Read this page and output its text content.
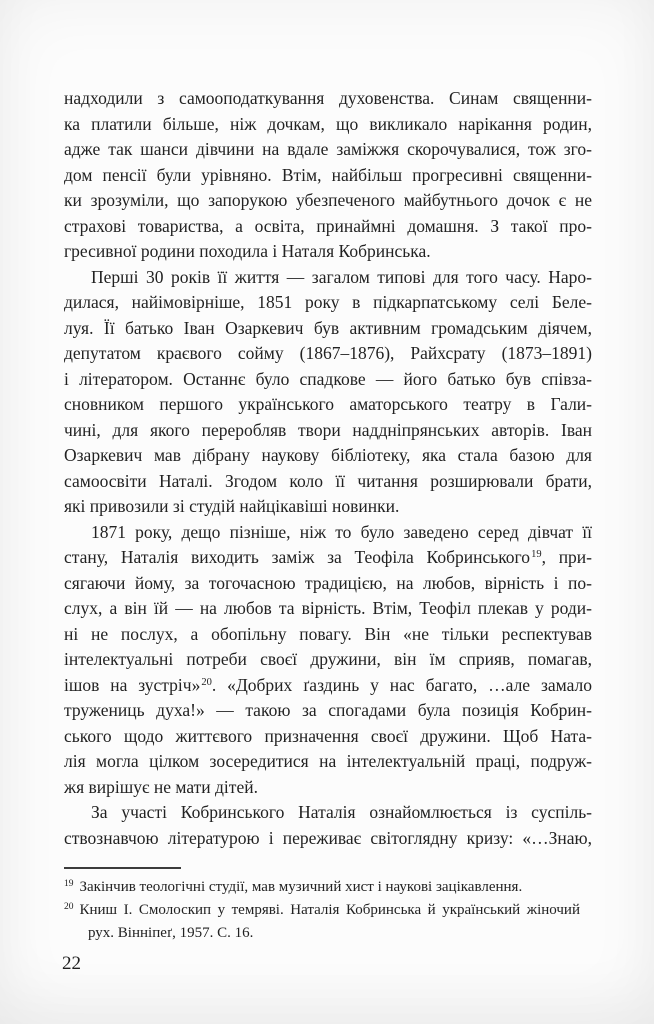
надходили з самооподаткування духовенства. Синам священни-
ка платили більше, ніж дочкам, що викликало нарікання родин,
адже так шанси дівчини на вдале заміжжя скорочувалися, тож зго-
дом пенсії були урівняно. Втім, найбільш прогресивні священни-
ки зрозуміли, що запорукою убезпеченого майбутнього дочок є не
страхові товариства, а освіта, принаймні домашня. З такої про-
гресивної родини походила і Наталя Кобринська.
Перші 30 років її життя — загалом типові для того часу. Наро-
дилася, найімовірніше, 1851 року в підкарпатському селі Беле-
луя. Її батько Іван Озаркевич був активним громадським діячем,
депутатом краєвого сойму (1867–1876), Райхсрату (1873–1891)
і літератором. Останнє було спадкове — його батько був співза-
сновником першого українського аматорського театру в Гали-
чині, для якого переробляв твори наддніпрянських авторів. Іван
Озаркевич мав дібрану наукову бібліотеку, яка стала базою для
самоосвіти Наталі. Згодом коло її читання розширювали брати,
які привозили зі студій найцікавіші новинки.
1871 року, дещо пізніше, ніж то було заведено серед дівчат її
стану, Наталія виходить заміж за Теофіла Кобринського$^{19}$, при-
сягаючи йому, за тогочасною традицією, на любов, вірність і по-
слух, а він їй — на любов та вірність. Втім, Теофіл плекав у роди-
ні не послух, а обопільну повагу. Він «не тільки респектував
інтелектуальні потреби своєї дружини, він їм сприяв, помагав,
ішов на зустріч»$^{20}$. «Добрих ґаздинь у нас багато, …але замало
тружениць духа!» — такою за спогадами була позиція Кобрин-
ського щодо життєвого призначення своєї дружини. Щоб Ната-
лія могла цілком зосередитися на інтелектуальній праці, подруж-
жя вирішує не мати дітей.
За участі Кобринського Наталія ознайомлюється із суспіль-
ствознавчою літературою і переживає світоглядну кризу: «…Знаю,

$^{19}$ Закінчив теологічні студії, мав музичний хист і наукові зацікавлення.

$^{20}$ Книш І. Смолоскип у темряві. Наталія Кобринська й український жіночий рух. Вінніпеґ, 1957. С. 16.

22
